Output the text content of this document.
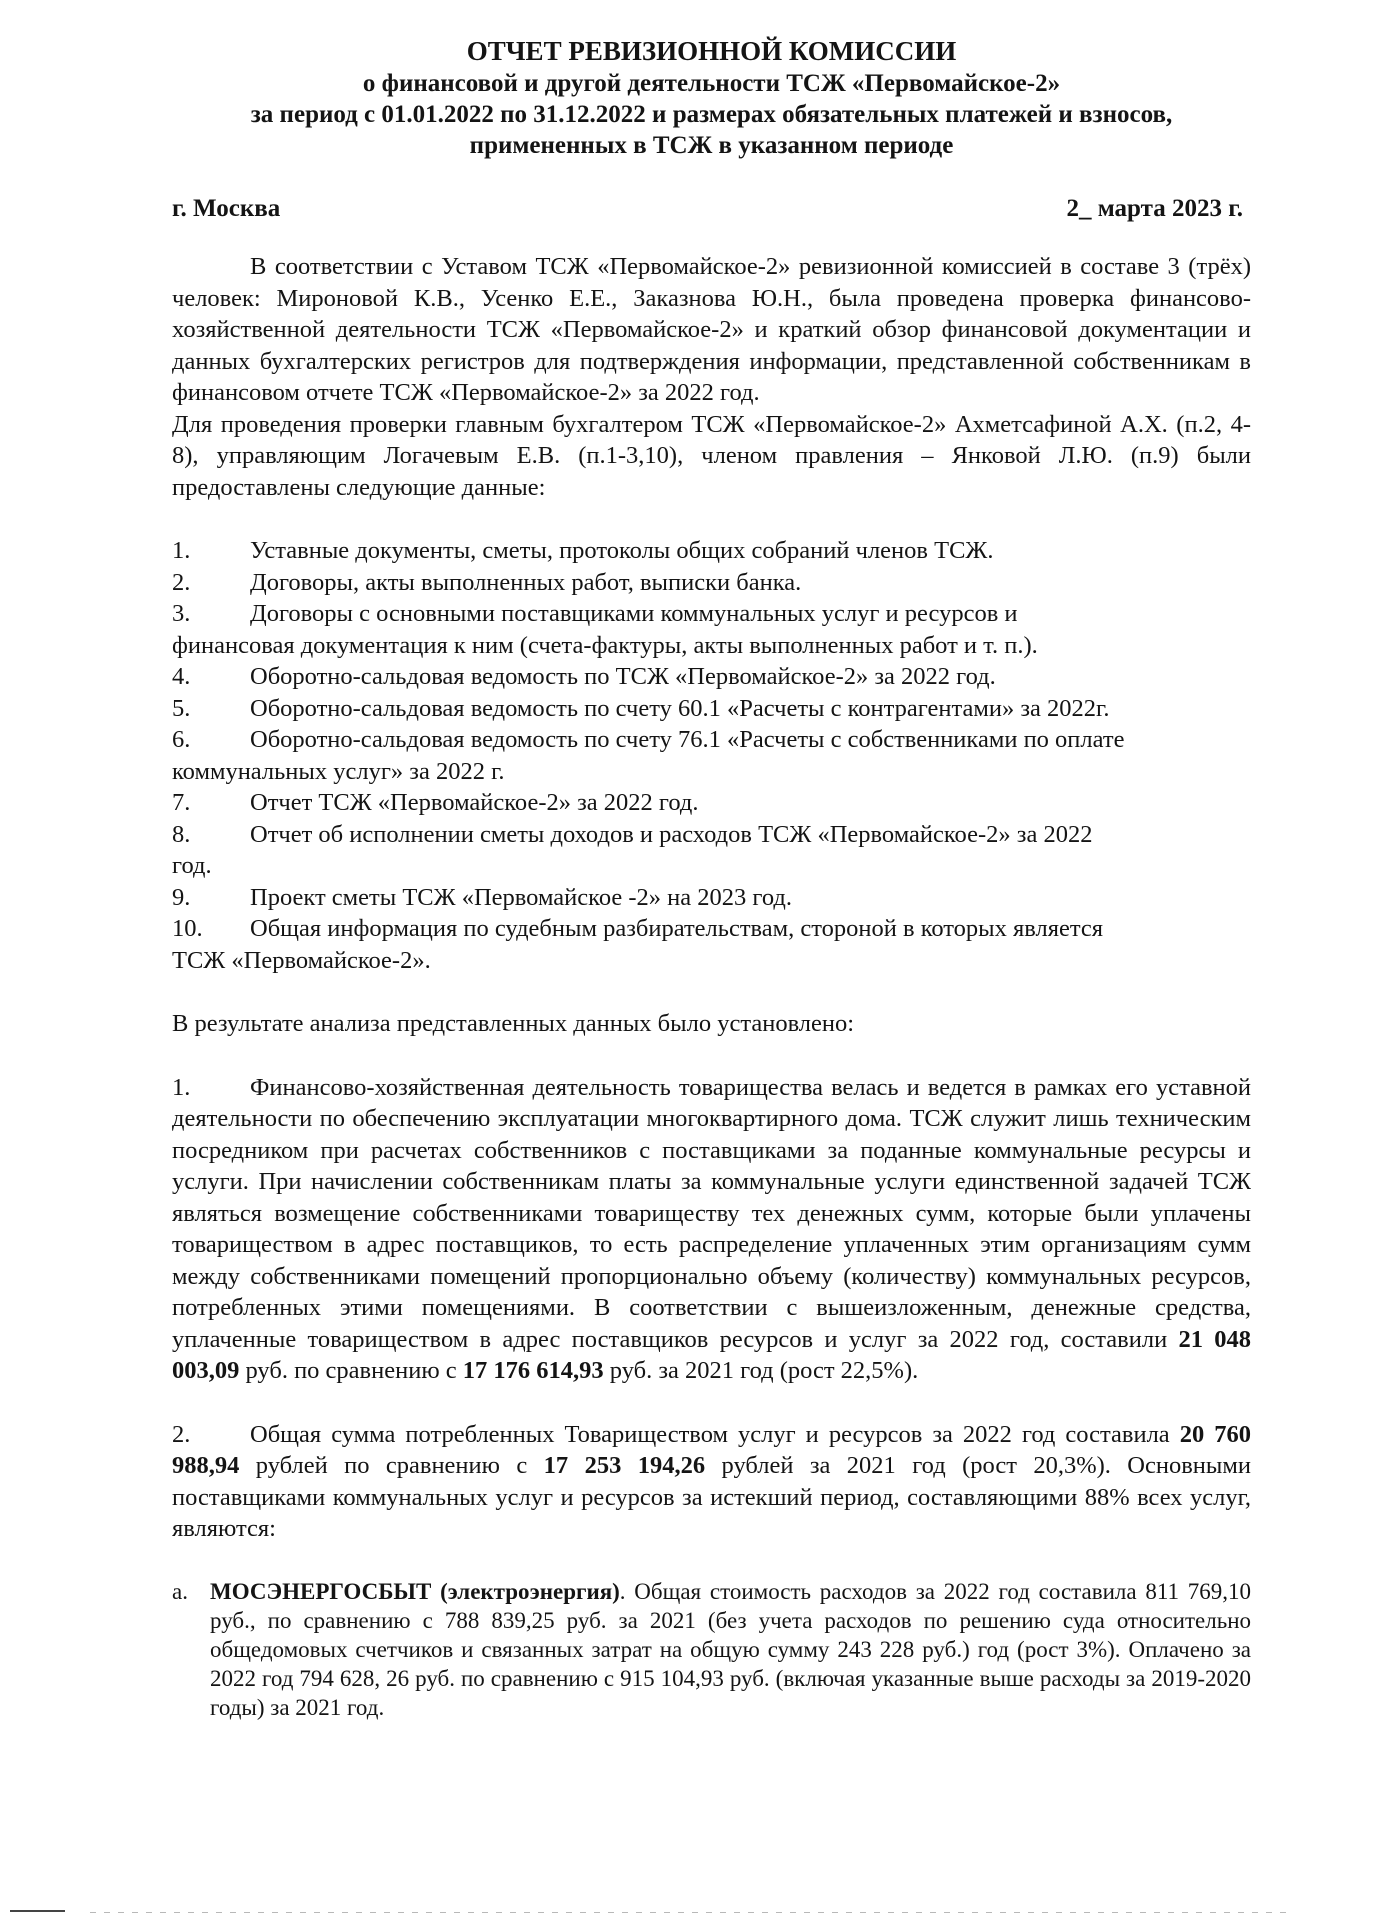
ОТЧЕТ РЕВИЗИОННОЙ КОМИССИИ
о финансовой и другой деятельности ТСЖ «Первомайское-2»
за период с 01.01.2022 по 31.12.2022 и размерах обязательных платежей и взносов,
примененных в ТСЖ в указанном периоде
г. Москва	2_ марта 2023 г.

В соответствии с Уставом ТСЖ «Первомайское-2» ревизионной комиссией в составе 3 (трёх) человек: Мироновой К.В., Усенко Е.Е., Заказнова Ю.Н., была проведена проверка финансово-хозяйственной деятельности ТСЖ «Первомайское-2» и краткий обзор финансовой документации и данных бухгалтерских регистров для подтверждения информации, представленной собственникам в финансовом отчете ТСЖ «Первомайское-2» за 2022 год.

Для проведения проверки главным бухгалтером ТСЖ «Первомайское-2» Ахметсафиной А.Х. (п.2, 4-8), управляющим Логачевым Е.В. (п.1-3,10), членом правления – Янковой Л.Ю. (п.9) были предоставлены следующие данные:

1. Уставные документы, сметы, протоколы общих собраний членов ТСЖ.

2. Договоры, акты выполненных работ, выписки банка.

3. Договоры с основными поставщиками коммунальных услуг и ресурсов и
финансовая документация к ним (счета-фактуры, акты выполненных работ и т. п.).

4. Оборотно-сальдовая ведомость по ТСЖ «Первомайское-2» за 2022 год.

5. Оборотно-сальдовая ведомость по счету 60.1 «Расчеты с контрагентами» за 2022г.

6. Оборотно-сальдовая ведомость по счету 76.1 «Расчеты с собственниками по оплате
коммунальных услуг» за 2022 г.

7. Отчет ТСЖ «Первомайское-2» за 2022 год.

8. Отчет об исполнении сметы доходов и расходов ТСЖ «Первомайское-2» за 2022
год.

9. Проект сметы ТСЖ «Первомайское -2» на 2023 год.

10. Общая информация по судебным разбирательствам, стороной в которых является
ТСЖ «Первомайское-2».

В результате анализа представленных данных было установлено:

1. Финансово-хозяйственная деятельность товарищества велась и ведется в рамках его уставной деятельности по обеспечению эксплуатации многоквартирного дома. ТСЖ служит лишь техническим посредником при расчетах собственников с поставщиками за поданные коммунальные ресурсы и услуги. При начислении собственникам платы за коммунальные услуги единственной задачей ТСЖ являться возмещение собственниками товариществу тех денежных сумм, которые были уплачены товариществом в адрес поставщиков, то есть распределение уплаченных этим организациям сумм между собственниками помещений пропорционально объему (количеству) коммунальных ресурсов, потребленных этими помещениями. В соответствии с вышеизложенным, денежные средства, уплаченные товариществом в адрес поставщиков ресурсов и услуг за 2022 год, составили 21 048 003,09 руб. по сравнению с 17 176 614,93 руб. за 2021 год (рост 22,5%).

2. Общая сумма потребленных Товариществом услуг и ресурсов за 2022 год составила 20 760 988,94 рублей по сравнению с 17 253 194,26 рублей за 2021 год (рост 20,3%). Основными поставщиками коммунальных услуг и ресурсов за истекший период, составляющими 88% всех услуг, являются:

a. МОСЭНЕРГОСБЫТ (электроэнергия). Общая стоимость расходов за 2022 год составила 811 769,10 руб., по сравнению с 788 839,25 руб. за 2021 (без учета расходов по решению суда относительно общедомовых счетчиков и связанных затрат на общую сумму 243 228 руб.) год (рост 3%). Оплачено за 2022 год 794 628, 26 руб. по сравнению с 915 104,93 руб. (включая указанные выше расходы за 2019-2020 годы) за 2021 год.
